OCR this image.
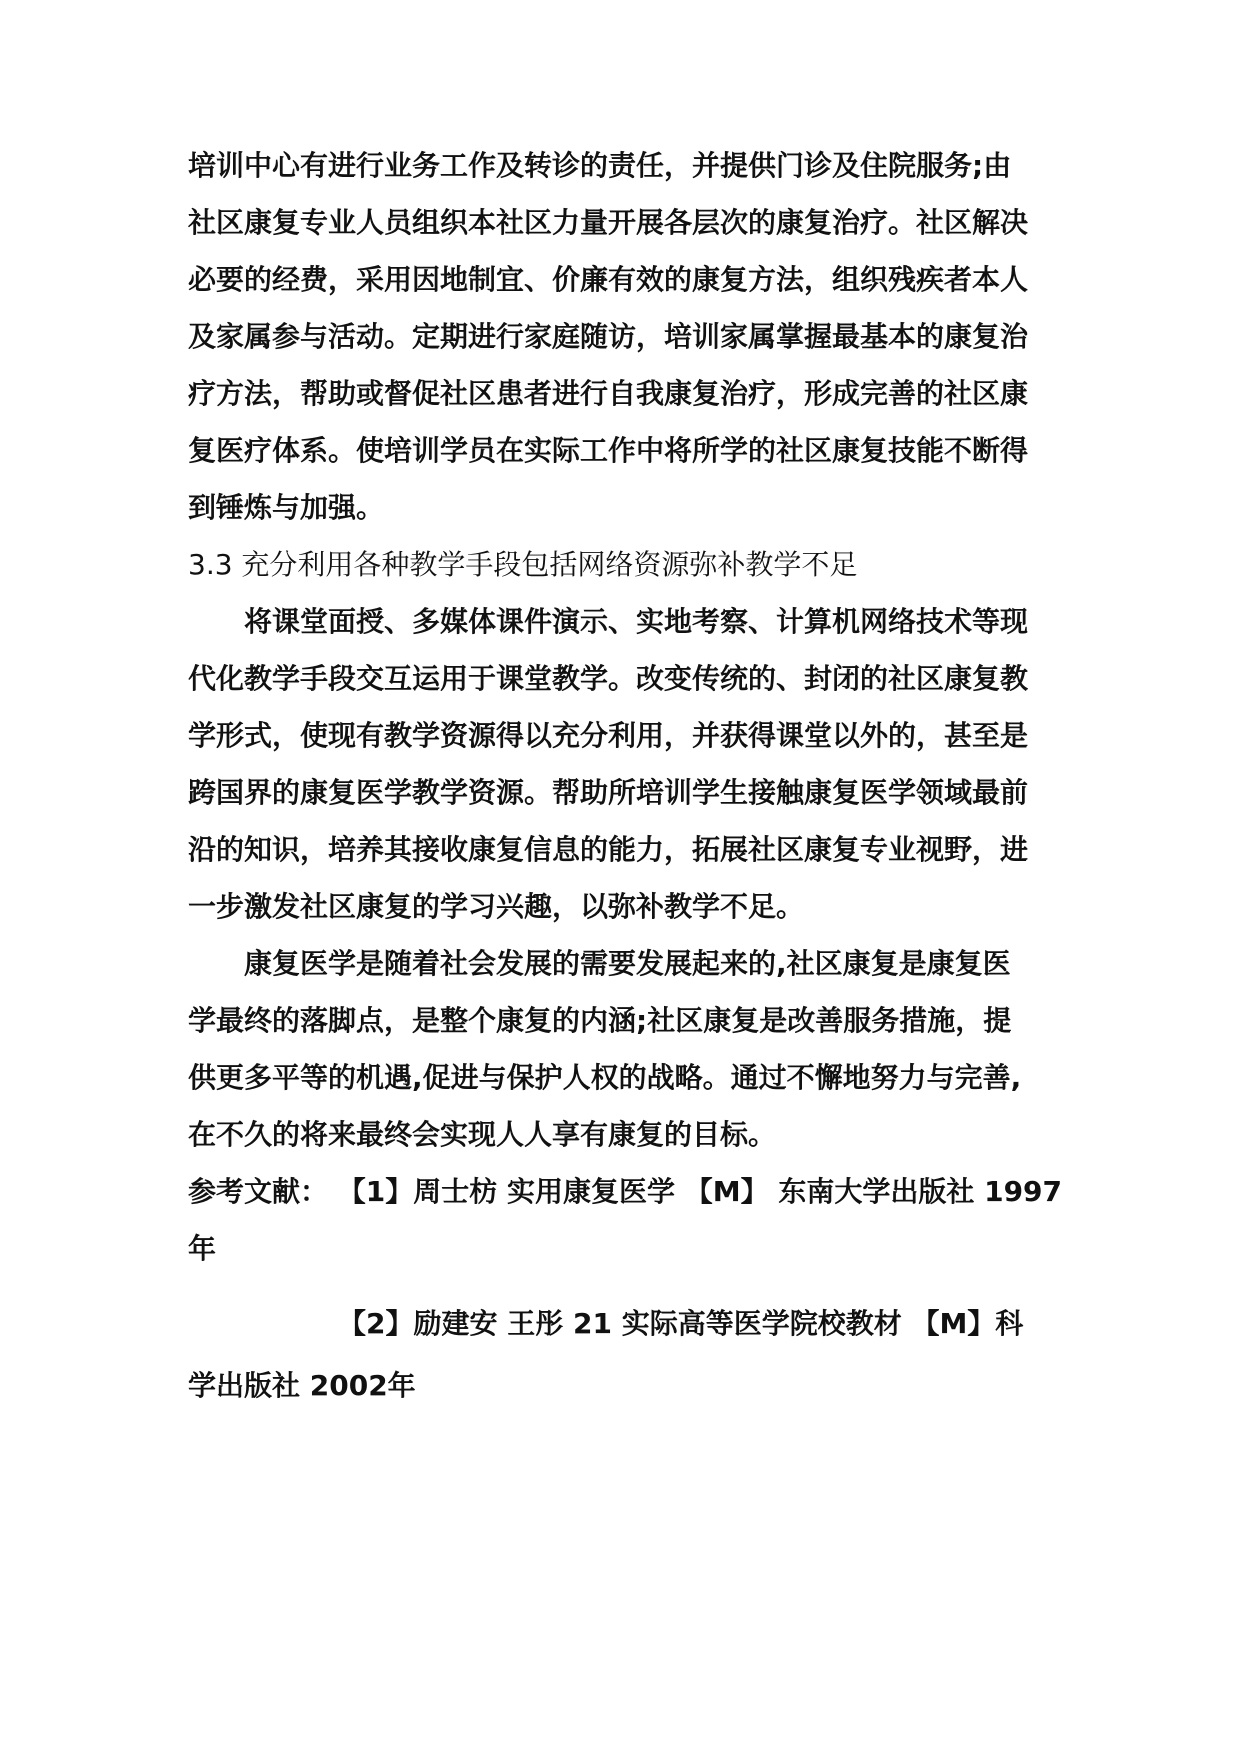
培训中心有进行业务工作及转诊的责任，并提供门诊及住院服务;由
社区康复专业人员组织本社区力量开展各层次的康复治疗。社区解决
必要的经费，采用因地制宜、价廉有效的康复方法，组织残疾者本人
及家属参与活动。定期进行家庭随访，培训家属掌握最基本的康复治
疗方法，帮助或督促社区患者进行自我康复治疗，形成完善的社区康
复医疗体系。使培训学员在实际工作中将所学的社区康复技能不断得
到锤炼与加强。
3.3 充分利用各种教学手段包括网络资源弥补教学不足
将课堂面授、多媒体课件演示、实地考察、计算机网络技术等现
代化教学手段交互运用于课堂教学。改变传统的、封闭的社区康复教
学形式，使现有教学资源得以充分利用，并获得课堂以外的，甚至是
跨国界的康复医学教学资源。帮助所培训学生接触康复医学领域最前
沿的知识，培养其接收康复信息的能力，拓展社区康复专业视野，进
一步激发社区康复的学习兴趣，以弥补教学不足。
康复医学是随着社会发展的需要发展起来的,社区康复是康复医
学最终的落脚点，是整个康复的内涵;社区康复是改善服务措施，提
供更多平等的机遇,促进与保护人权的战略。通过不懈地努力与完善,
在不久的将来最终会实现人人享有康复的目标。
参考文献： 【1】周士枋 实用康复医学 【M】 东南大学出版社 1997
年
【2】励建安 王彤 21 实际高等医学院校教材 【M】科
学出版社 2002年
